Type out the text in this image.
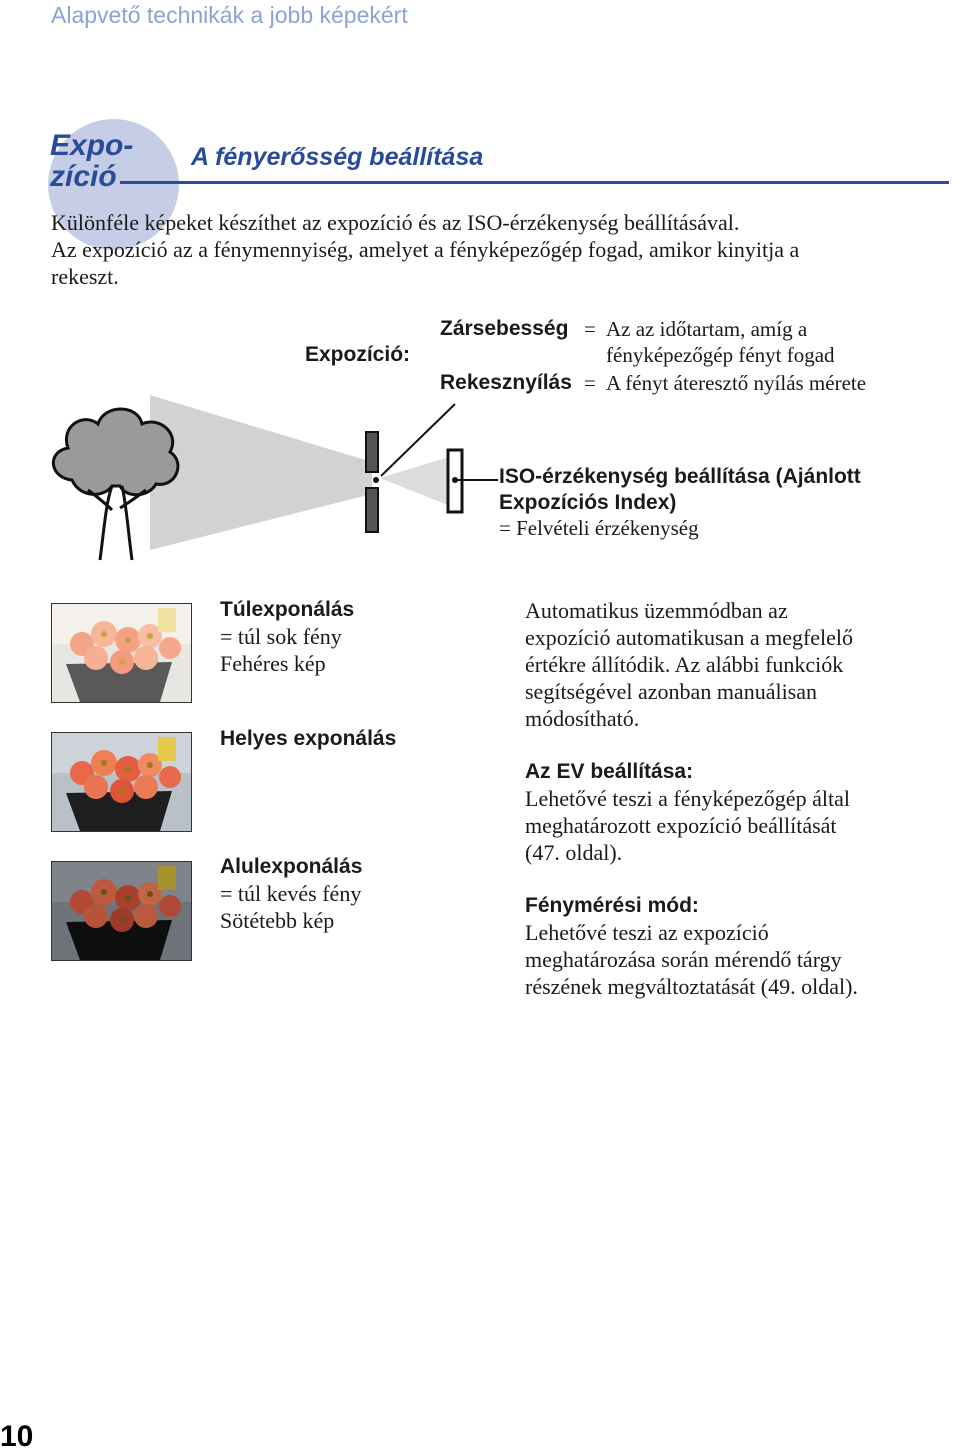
Alapvető technikák a jobb képekért
Expo-
zíció
A fényerősség beállítása
Különféle képeket készíthet az expozíció és az ISO-érzékenység beállításával.
Az expozíció az a fénymennyiség, amelyet a fényképezőgép fogad, amikor kinyitja a
rekeszt.
Expozíció:
Zársebesség = Az az időtartam, amíg a
fényképezőgép fényt fogad
Rekesznyílás = A fényt áteresztő nyílás mérete
ISO-érzékenység beállítása (Ajánlott
Expozíciós Index)
= Felvételi érzékenység
Túlexponálás
= túl sok fény
Fehéres kép
Helyes exponálás
Alulexponálás
= túl kevés fény
Sötétebb kép
Automatikus üzemmódban az
expozíció automatikusan a megfelelő
értékre állítódik. Az alábbi funkciók
segítségével azonban manuálisan
módosítható.
Az EV beállítása:
Lehetővé teszi a fényképezőgép által
meghatározott expozíció beállítását
(47. oldal).
Fénymérési mód:
Lehetővé teszi az expozíció
meghatározása során mérendő tárgy
részének megváltoztatását (49. oldal).
10
